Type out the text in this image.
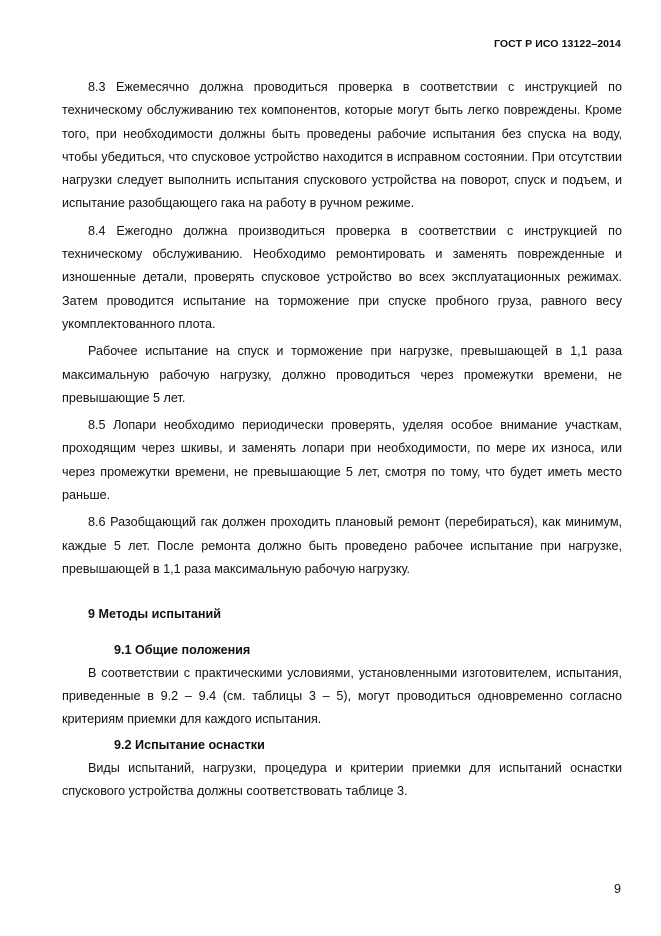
ГОСТ Р ИСО 13122–2014

8.3 Ежемесячно должна проводиться проверка в соответствии с инструкцией по техническому обслуживанию тех компонентов, которые могут быть легко повреждены. Кроме того, при необходимости должны быть проведены рабочие испытания без спуска на воду, чтобы убедиться, что спусковое устройство находится в исправном состоянии. При отсутствии нагрузки следует выполнить испытания спускового устройства на поворот, спуск и подъем, и испытание разобщающего гака на работу в ручном режиме.

8.4 Ежегодно должна производиться проверка в соответствии с инструкцией по техническому обслуживанию. Необходимо ремонтировать и заменять поврежденные и изношенные детали, проверять спусковое устройство во всех эксплуатационных режимах. Затем проводится испытание на торможение при спуске пробного груза, равного весу укомплектованного плота.

Рабочее испытание на спуск и торможение при нагрузке, превышающей в 1,1 раза максимальную рабочую нагрузку, должно проводиться через промежутки времени, не превышающие 5 лет.

8.5 Лопари необходимо периодически проверять, уделяя особое внимание участкам, проходящим через шкивы, и заменять лопари при необходимости, по мере их износа, или через промежутки времени, не превышающие 5 лет, смотря по тому, что будет иметь место раньше.

8.6 Разобщающий гак должен проходить плановый ремонт (перебираться), как минимум, каждые 5 лет. После ремонта должно быть проведено рабочее испытание при нагрузке, превышающей в 1,1 раза максимальную рабочую нагрузку.

9 Методы испытаний
9.1 Общие положения

В соответствии с практическими условиями, установленными изготовителем, испытания, приведенные в 9.2 – 9.4 (см. таблицы 3 – 5), могут проводиться одновременно согласно критериям приемки для каждого испытания.

9.2 Испытание оснастки

Виды испытаний, нагрузки, процедура и критерии приемки для испытаний оснастки спускового устройства должны соответствовать таблице 3.

9
